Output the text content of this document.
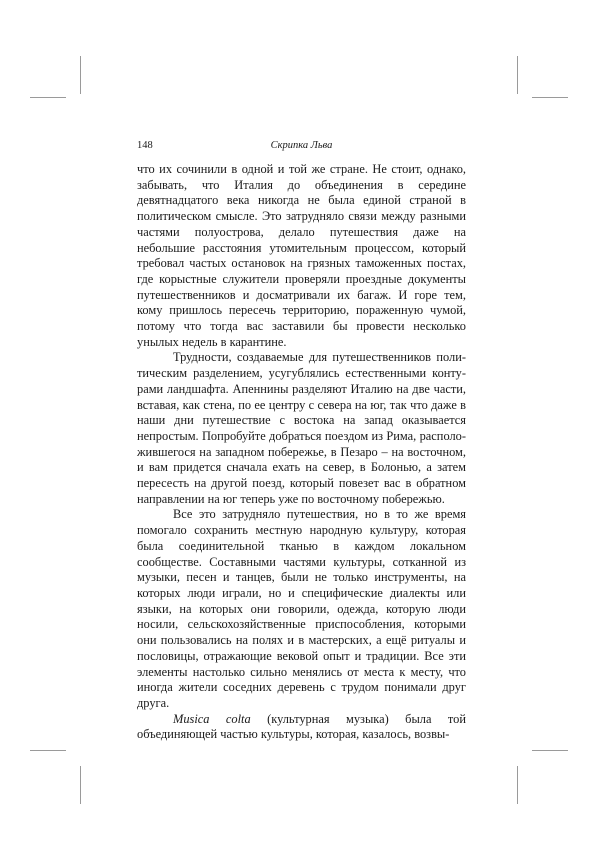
148	Скрипка Льва

что их сочинили в одной и той же стране. Не стоит, однако, забывать, что Италия до объединения в середине девятнадцатого века никогда не была единой страной в политическом смысле. Это затрудняло связи между разными частями полуострова, делало путешествия даже на небольшие расстояния утомительным процессом, который требовал частых остановок на грязных таможенных постах, где корыстные служители проверяли проездные документы путешественников и досматривали их багаж. И горе тем, кому пришлось пересечь территорию, пораженную чумой, потому что тогда вас заставили бы провести несколько унылых недель в карантине.

Трудности, создаваемые для путешественников политическим разделением, усугублялись естественными контурами ландшафта. Апеннины разделяют Италию на две части, вставая, как стена, по ее центру с севера на юг, так что даже в наши дни путешествие с востока на запад оказывается непростым. Попробуйте добраться поездом из Рима, расположившегося на западном побережье, в Пезаро – на восточном, и вам придется сначала ехать на север, в Болонью, а затем пересесть на другой поезд, который повезет вас в обратном направлении на юг теперь уже по восточному побережью.

Все это затрудняло путешествия, но в то же время помогало сохранить местную народную культуру, которая была соединительной тканью в каждом локальном сообществе. Составными частями культуры, сотканной из музыки, песен и танцев, были не только инструменты, на которых люди играли, но и специфические диалекты или языки, на которых они говорили, одежда, которую люди носили, сельскохозяйственные приспособления, которыми они пользовались на полях и в мастерских, а ещё ритуалы и пословицы, отражающие вековой опыт и традиции. Все эти элементы настолько сильно менялись от места к месту, что иногда жители соседних деревень с трудом понимали друг друга.

Musica colta (культурная музыка) была той объединяющей частью культуры, которая, казалось, возвы-
